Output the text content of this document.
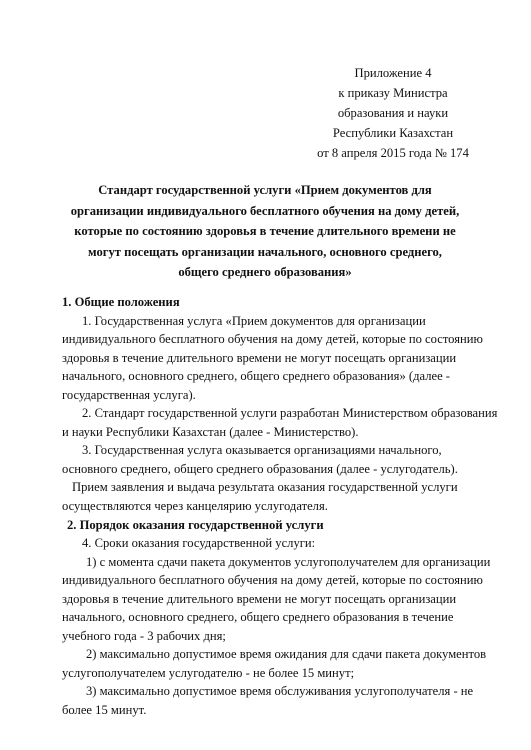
Приложение 4
к приказу Министра
образования и науки
Республики Казахстан
от 8 апреля 2015 года № 174
Стандарт государственной услуги «Прием документов для
организации индивидуального бесплатного обучения на дому детей,
которые по состоянию здоровья в течение длительного времени не
могут посещать организации начального, основного среднего,
общего среднего образования»
1. Общие положения
1. Государственная услуга «Прием документов для организации
индивидуального бесплатного обучения на дому детей, которые по состоянию
здоровья в течение длительного времени не могут посещать организации
начального, основного среднего, общего среднего образования» (далее -
государственная услуга).
2. Стандарт государственной услуги разработан Министерством образования
и науки Республики Казахстан (далее - Министерство).
3. Государственная услуга оказывается организациями начального,
основного среднего, общего среднего образования (далее - услугодатель).
Прием заявления и выдача результата оказания государственной услуги
осуществляются через канцелярию услугодателя.
2. Порядок оказания государственной услуги
4. Сроки оказания государственной услуги:
1) с момента сдачи пакета документов услугополучателем для организации
индивидуального бесплатного обучения на дому детей, которые по состоянию
здоровья в течение длительного времени не могут посещать организации
начального, основного среднего, общего среднего образования в течение
учебного года - 3 рабочих дня;
2) максимально допустимое время ожидания для сдачи пакета документов
услугополучателем услугодателю - не более 15 минут;
3) максимально допустимое время обслуживания услугополучателя - не
более 15 минут.
